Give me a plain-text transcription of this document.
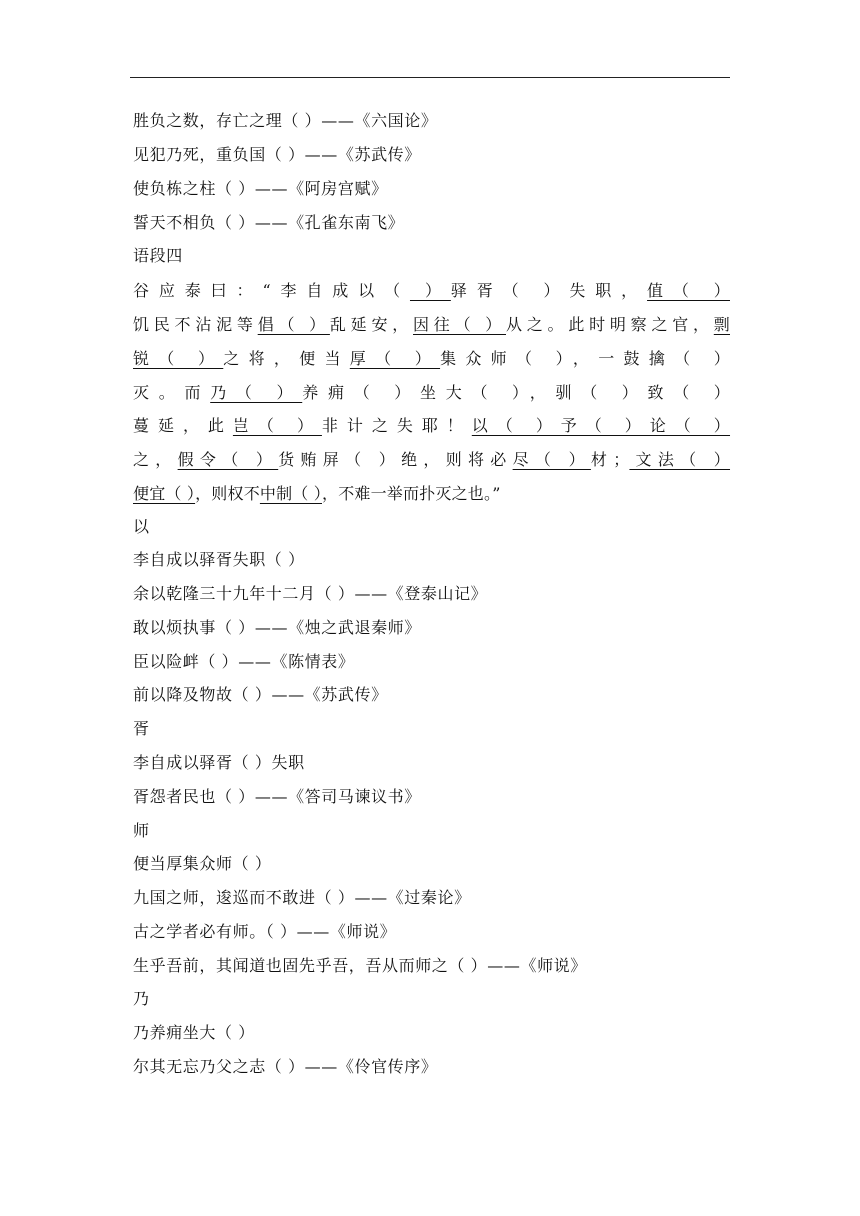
胜负之数，存亡之理（ ）——《六国论》
见犯乃死，重负国（ ）——《苏武传》
使负栋之柱（ ）——《阿房宫赋》
誓天不相负（ ）——《孔雀东南飞》
语段四
谷应泰曰：“李自成以（ ）驿胥（ ）失职，值（ ）
饥民不沾泥等倡（ ）乱延安，因往（ ）从之。此时明察之官，剽
锐（ ）之将，便当厚（ ）集众师（ ），一鼓擒（ ）
灭。而乃（ ）养痈（ ）坐大（ ），驯（ ）致（ ）
蔓延，此岂（ ）非计之失耶！以（ ）予（ ）论（ ）
之，假令（ ）货贿屏（ ）绝，则将必尽（ ）材；文法（ ）
便宜（ ），则权不中制（ ），不难一举而扑灭之也。”
以
李自成以驿胥失职（ ）
余以乾隆三十九年十二月（ ）——《登泰山记》
敢以烦执事（ ）——《烛之武退秦师》
臣以险衅（ ）——《陈情表》
前以降及物故（ ）——《苏武传》
胥
李自成以驿胥（ ）失职
胥怨者民也（ ）——《答司马谏议书》
师
便当厚集众师（ ）
九国之师，逡巡而不敢进（ ）——《过秦论》
古之学者必有师。（ ）——《师说》
生乎吾前，其闻道也固先乎吾，吾从而师之（ ）——《师说》
乃
乃养痈坐大（ ）
尔其无忘乃父之志（ ）——《伶官传序》
